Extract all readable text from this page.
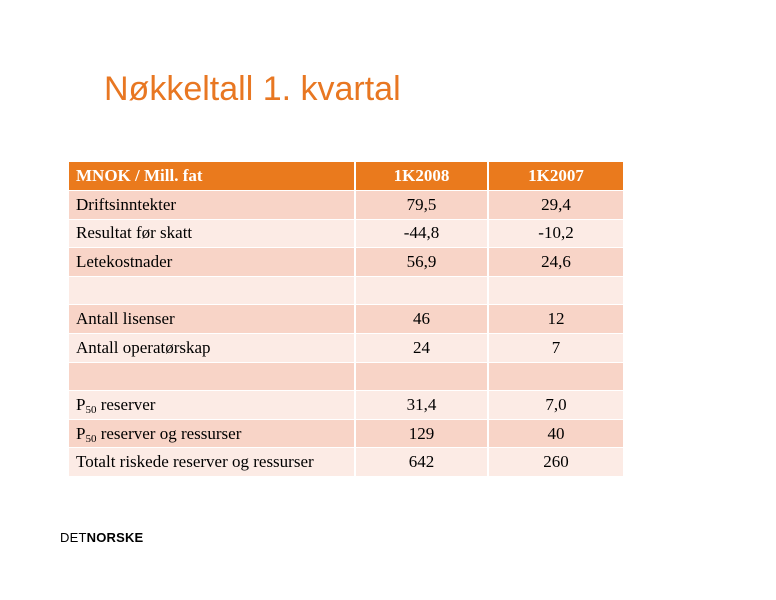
Nøkkeltall 1. kvartal
MNOK / Mill. fat	1K2008	1K2007
Driftsinntekter	79,5	29,4
Resultat før skatt	-44,8	-10,2
Letekostnader	56,9	24,6

Antall lisenser	46	12
Antall operatørskap	24	7

$P_{50}$ reserver	31,4	7,0
$P_{50}$ reserver og ressurser	129	40
Totalt riskede reserver og ressurser	642	260
DETNORSKE
